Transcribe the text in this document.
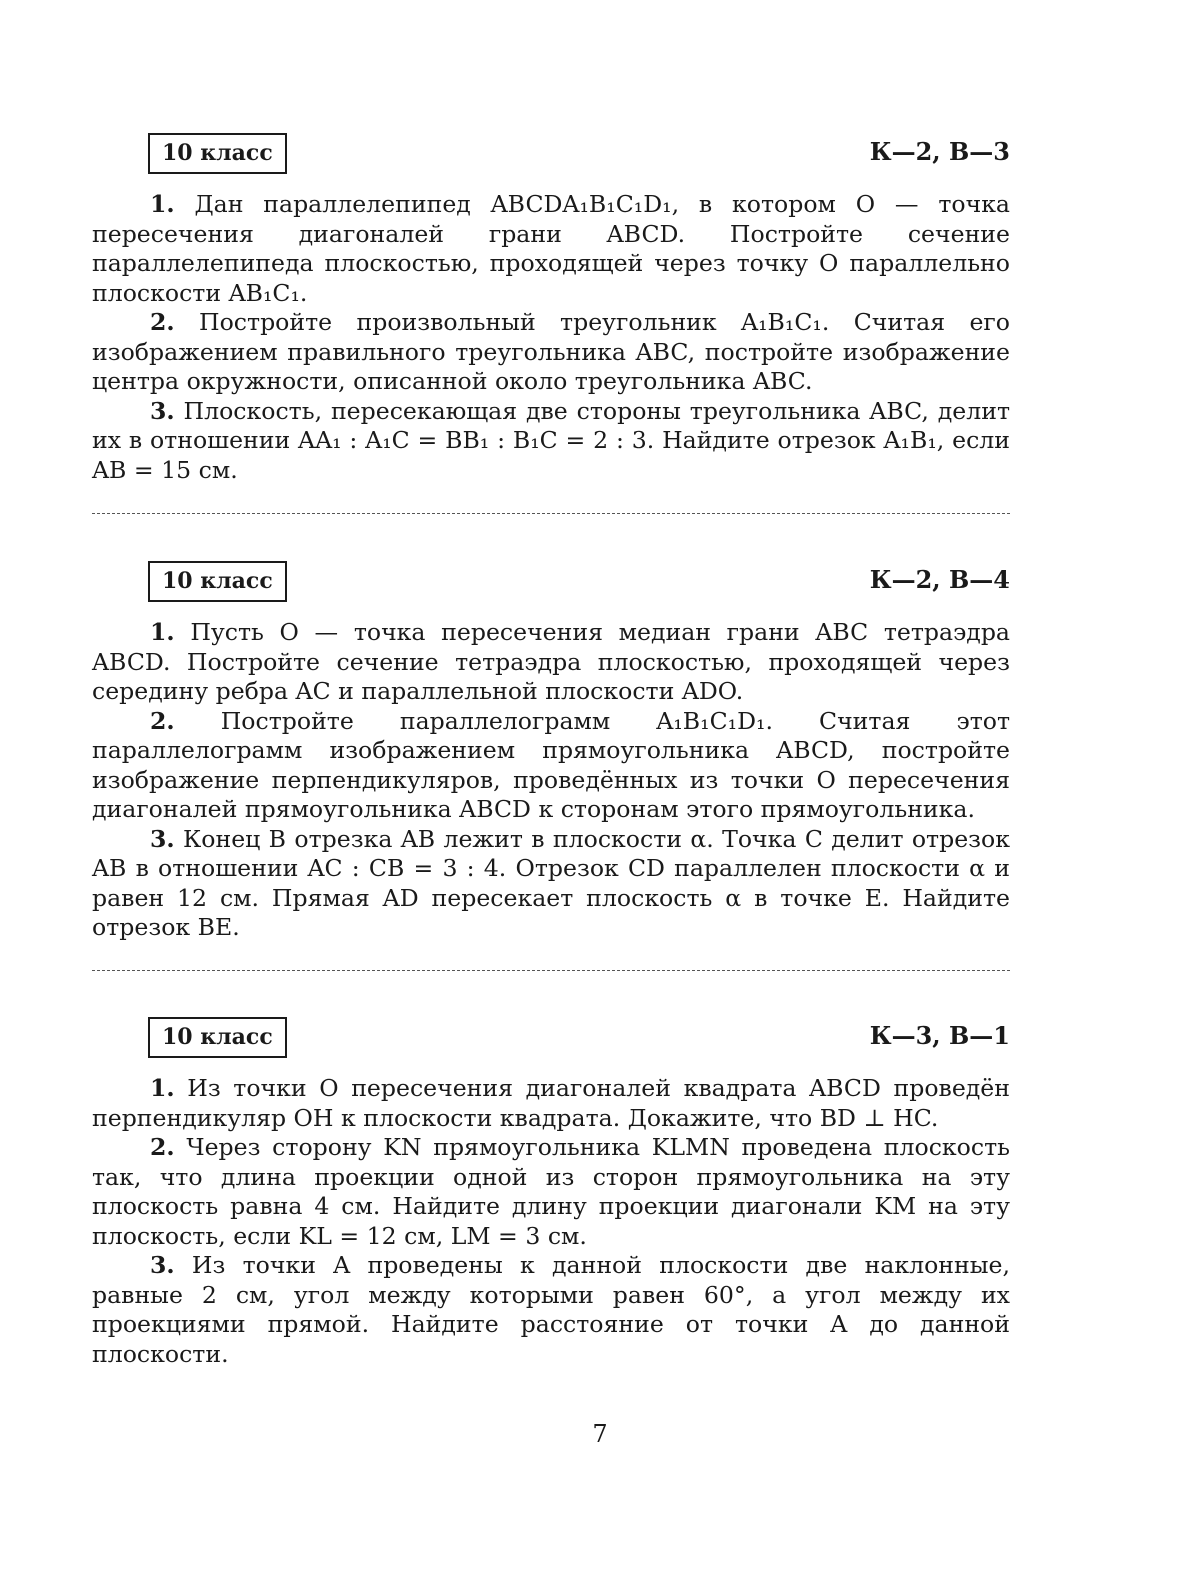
10 класс	К—2, В—3

1. Дан параллелепипед ABCDA₁B₁C₁D₁, в котором O — точка пересечения диагоналей грани ABCD. Постройте сечение параллелепипеда плоскостью, проходящей через точку O параллельно плоскости AB₁C₁.

2. Постройте произвольный треугольник A₁B₁C₁. Считая его изображением правильного треугольника ABC, постройте изображение центра окружности, описанной около треугольника ABC.

3. Плоскость, пересекающая две стороны треугольника ABC, делит их в отношении AA₁ : A₁C = BB₁ : B₁C = 2 : 3. Найдите отрезок A₁B₁, если AB = 15 см.

10 класс	К—2, В—4

1. Пусть O — точка пересечения медиан грани ABC тетраэдра ABCD. Постройте сечение тетраэдра плоскостью, проходящей через середину ребра AC и параллельной плоскости ADO.

2. Постройте параллелограмм A₁B₁C₁D₁. Считая этот параллелограмм изображением прямоугольника ABCD, постройте изображение перпендикуляров, проведённых из точки O пересечения диагоналей прямоугольника ABCD к сторонам этого прямоугольника.

3. Конец B отрезка AB лежит в плоскости α. Точка C делит отрезок AB в отношении AC : CB = 3 : 4. Отрезок CD параллелен плоскости α и равен 12 см. Прямая AD пересекает плоскость α в точке E. Найдите отрезок BE.

10 класс	К—3, В—1

1. Из точки O пересечения диагоналей квадрата ABCD проведён перпендикуляр OH к плоскости квадрата. Докажите, что BD ⊥ HC.

2. Через сторону KN прямоугольника KLMN проведена плоскость так, что длина проекции одной из сторон прямоугольника на эту плоскость равна 4 см. Найдите длину проекции диагонали KM на эту плоскость, если KL = 12 см, LM = 3 см.

3. Из точки A проведены к данной плоскости две наклонные, равные 2 см, угол между которыми равен 60°, а угол между их проекциями прямой. Найдите расстояние от точки A до данной плоскости.

7
